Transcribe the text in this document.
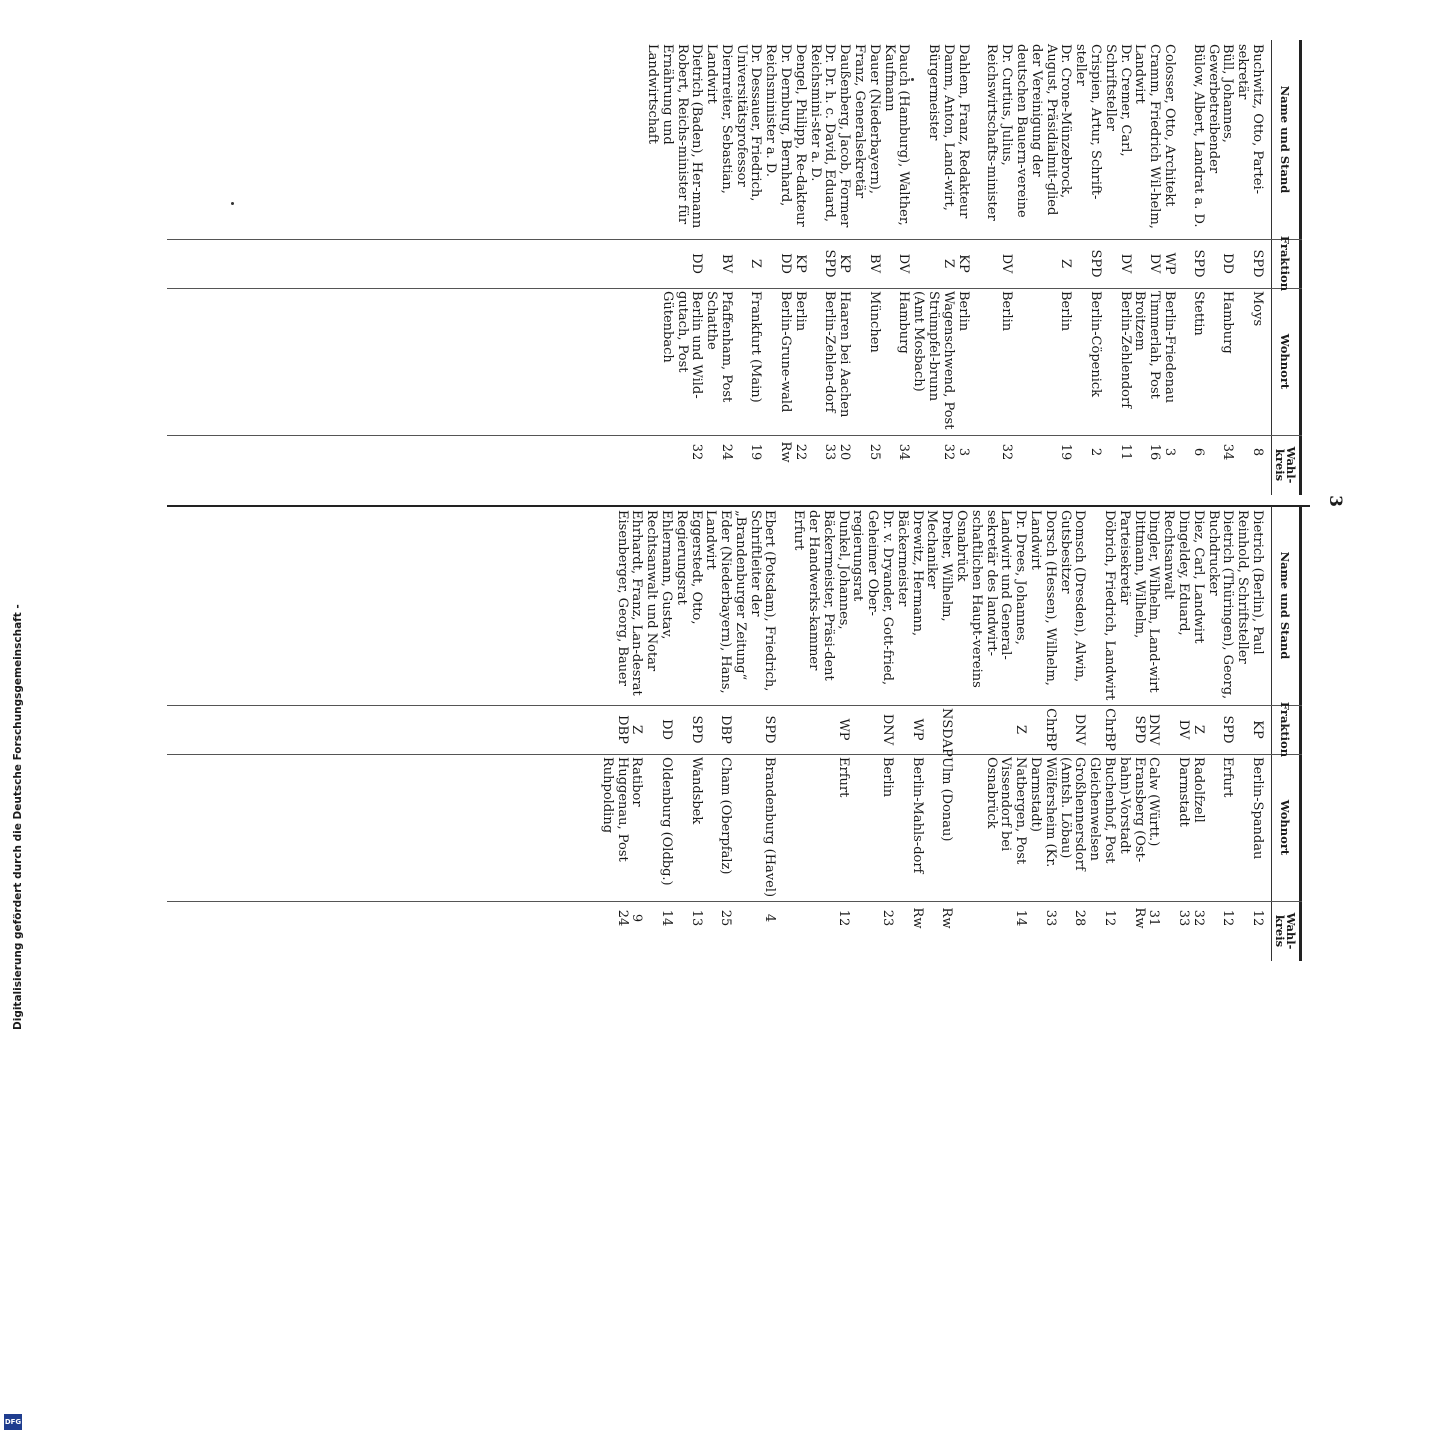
3
Name und Stand
Fraktion
Wohnort
Wahl-kreis
Buchwitz, Otto, Partei-sekretär
SPD
Moys
8
Büll, Johannes, Gewerbetreibender
DD
Hamburg
34
Bülow, Albert, Landrat a. D.
SPD
Stettin
6
Colosser, Otto, Architekt
WP
Berlin-Friedenau
3
Cramm, Friedrich Wil-helm, Landwirt
DV
Timmerlah, Post Broitzem
16
Dr. Cremer, Carl, Schriftsteller
DV
Berlin-Zehlendorf
11
Crispien, Artur, Schrift-steller
SPD
Berlin-Cöpenick
2
Dr. Crone-Münzebrock, August, Präsidialmit-glied der Vereinigung der deutschen Bauern-vereine
Z
Berlin
19
Dr. Curtius, Julius, Reichswirtschafts-minister
DV
Berlin
32
Dahlem, Franz, Redakteur
KP
Berlin
3
Damm, Anton, Land-wirt, Bürgermeister
Z
Wagenschwend, Post Strümpfel-brunn (Amt Mosbach)
32
Dauch (Hamburg), Walther, Kaufmann
DV
Hamburg
34
Dauer (Niederbayern), Franz, Generalsekretär
BV
München
25
Daußenberg, Jacob, Former
KP
Haaren bei Aachen
20
Dr. Dr. h. c. David, Eduard, Reichsmini-ster a. D.
SPD
Berlin-Zehlen-dorf
33
Dengel, Philipp, Re-dakteur
KP
Berlin
22
Dr. Dernburg, Bernhard, Reichsminister a. D.
DD
Berlin-Grune-wald
Rw
Dr. Dessauer, Friedrich, Universitätsprofessor
Z
Frankfurt (Main)
19
Diernreiter, Sebastian, Landwirt
BV
Pfaffenham, Post Schatthe
24
Dietrich (Baden), Her-mann Robert, Reichs-minister für Ernährung und Landwirtschaft
DD
Berlin und Wild-gutach, Post Gütenbach
32
Name und Stand
Fraktion
Wohnort
Wahl-kreis
Dietrich (Berlin), Paul Reinhold, Schriftsteller
KP
Berlin-Spandau
12
Dietrich (Thüringen), Georg, Buchdrucker
SPD
Erfurt
12
Diez, Carl, Landwirt
Z
Radolfzell
32
Dingeldey, Eduard, Rechtsanwalt
DV
Darmstadt
33
Dingler, Wilhelm, Land-wirt
DNV
Calw (Württ.)
31
Dittmann, Wilhelm, Parteisekretär
SPD
Eransberg (Ost-bahn)-Vorstadt
Rw
Döbrich, Friedrich, Landwirt
ChrBP
Buchenhof, Post Gleichenwelsen
12
Domsch (Dresden), Alwin, Gutsbesitzer
DNV
Großhennersdorf (Amtsh. Löbau)
28
Dorsch (Hessen), Wilhelm, Landwirt
ChrBP
Wölfersheim (Kr. Darmstadt)
33
Dr. Drees, Johannes, Landwirt und General-sekretär des landwirt-schaftlichen Haupt-vereins Osnabrück
Z
Natbergen, Post Vissendorf bei Osnabrück
14
Dreher, Wilhelm, Mechaniker
NSDAP
Ulm (Donau)
Rw
Drewitz, Hermann, Bäckermeister
WP
Berlin-Mahls-dorf
Rw
Dr. v. Dryander, Gott-fried, Geheimer Ober-regierungsrat
DNV
Berlin
23
Dunkel, Johannes, Bäckermeister, Präsi-dent der Handwerks-kammer Erfurt
WP
Erfurt
12
Ebert (Potsdam), Friedrich, Schriftleiter der „Brandenburger Zeitung“
SPD
Brandenburg (Havel)
4
Eder (Niederbayern), Hans, Landwirt
DBP
Cham (Oberpfalz)
25
Eggerstedt, Otto, Regierungsrat
SPD
Wandsbek
13
Ehlermann, Gustav, Rechtsanwalt und Notar
DD
Oldenburg (Oldbg.)
14
Ehrhardt, Franz, Lan-desrat
Z
Ratibor
9
Eisenberger, Georg, Bauer
DBP
Huggenau, Post Ruhpolding
24
Digitalisierung gefördert durch die Deutsche Forschungsgemeinschaft -
DFG
